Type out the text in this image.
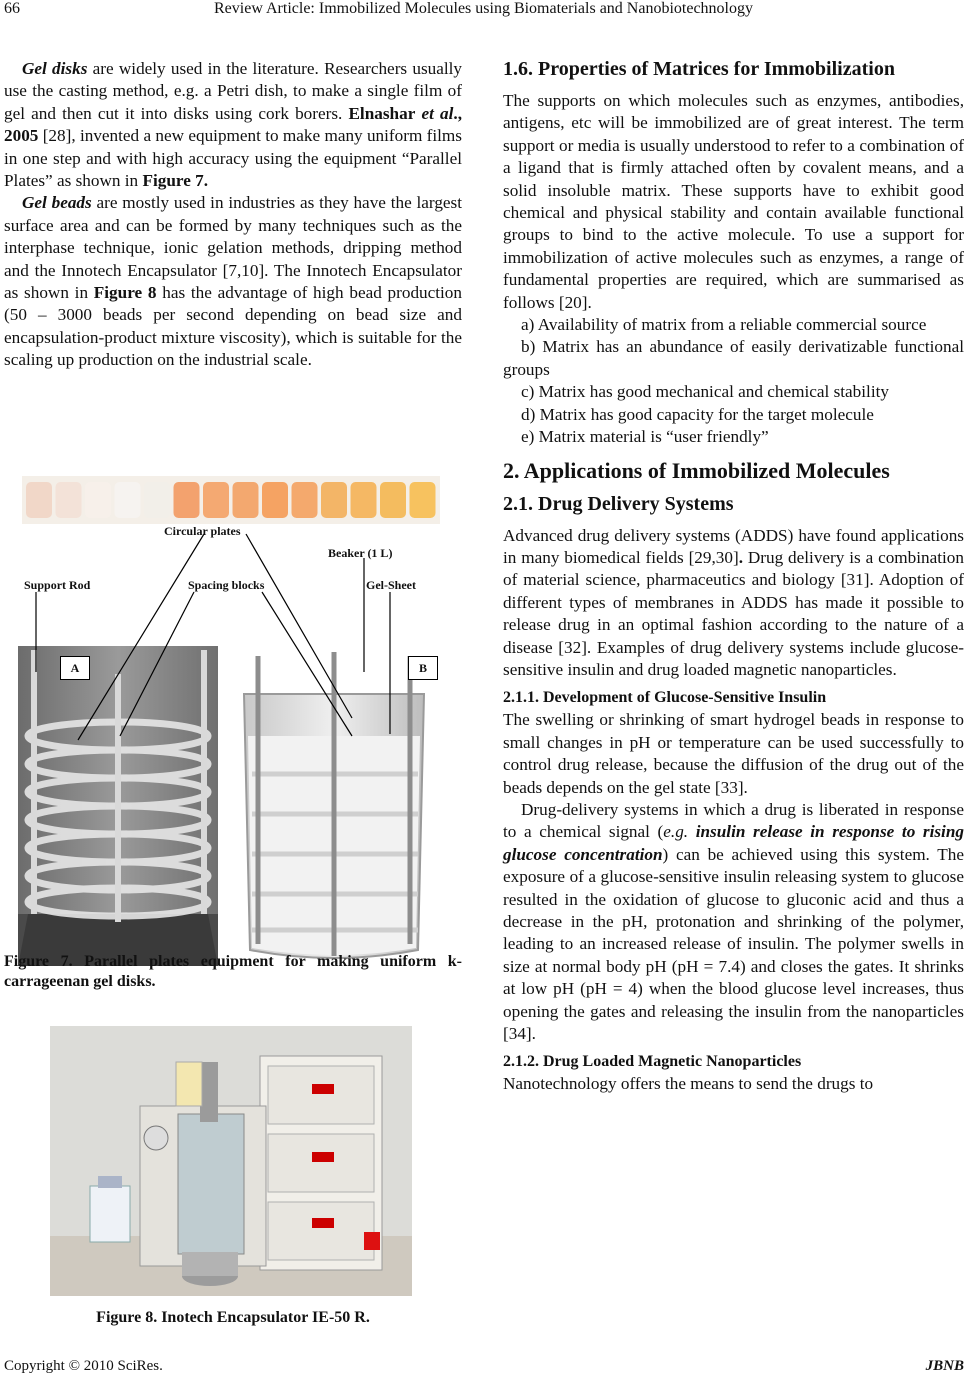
66	Review Article: Immobilized Molecules using Biomaterials and Nanobiotechnology

Gel disks are widely used in the literature. Researchers usually use the casting method, e.g. a Petri dish, to make a single film of gel and then cut it into disks using cork borers. Elnashar et al., 2005 [28], invented a new equipment to make many uniform films in one step and with high accuracy using the equipment “Parallel Plates” as shown in Figure 7.

Gel beads are mostly used in industries as they have the largest surface area and can be formed by many techniques such as the interphase technique, ionic gelation methods, dripping method and the Innotech Encapsulator [7,10]. The Innotech Encapsulator as shown in Figure 8 has the advantage of high bead production (50 – 3000 beads per second depending on bead size and encapsulation-product mixture viscosity), which is suitable for the scaling up production on the industrial scale.

Circular plates
Beaker (1 L)
Support Rod	Spacing blocks	Gel-Sheet
A	B
Figure 7. Parallel plates equipment for making uniform k-carrageenan gel disks.
Figure 8. Inotech Encapsulator IE-50 R.
1.6. Properties of Matrices for Immobilization

The supports on which molecules such as enzymes, antibodies, antigens, etc will be immobilized are of great interest. The term support or media is usually understood to refer to a combination of a ligand that is firmly attached often by covalent means, and a solid insoluble matrix. These supports have to exhibit good chemical and physical stability and contain available functional groups to bind to the active molecule. To use a support for immobilization of active molecules such as enzymes, a range of fundamental properties are required, which are summarised as follows [20].

a) Availability of matrix from a reliable commercial source

b) Matrix has an abundance of easily derivatizable functional groups

c) Matrix has good mechanical and chemical stability

d) Matrix has good capacity for the target molecule

e) Matrix material is “user friendly”

2. Applications of Immobilized Molecules
2.1. Drug Delivery Systems

Advanced drug delivery systems (ADDS) have found applications in many biomedical fields [29,30]. Drug delivery is a combination of material science, pharmaceutics and biology [31]. Adoption of different types of membranes in ADDS has made it possible to release drug in an optimal fashion according to the nature of a disease [32]. Examples of drug delivery systems include glucose-sensitive insulin and drug loaded magnetic nanoparticles.

2.1.1. Development of Glucose-Sensitive Insulin

The swelling or shrinking of smart hydrogel beads in response to small changes in pH or temperature can be used successfully to control drug release, because the diffusion of the drug out of the beads depends on the gel state [33].

Drug-delivery systems in which a drug is liberated in response to a chemical signal (e.g. insulin release in response to rising glucose concentration) can be achieved using this system. The exposure of a glucose-sensitive insulin releasing system to glucose resulted in the oxidation of glucose to gluconic acid and thus a decrease in the pH, protonation and shrinking of the polymer, leading to an increased release of insulin. The polymer swells in size at normal body pH (pH = 7.4) and closes the gates. It shrinks at low pH (pH = 4) when the blood glucose level increases, thus opening the gates and releasing the insulin from the nanoparticles [34].

2.1.2. Drug Loaded Magnetic Nanoparticles

Nanotechnology offers the means to send the drugs to

Copyright © 2010 SciRes.	JBNB
